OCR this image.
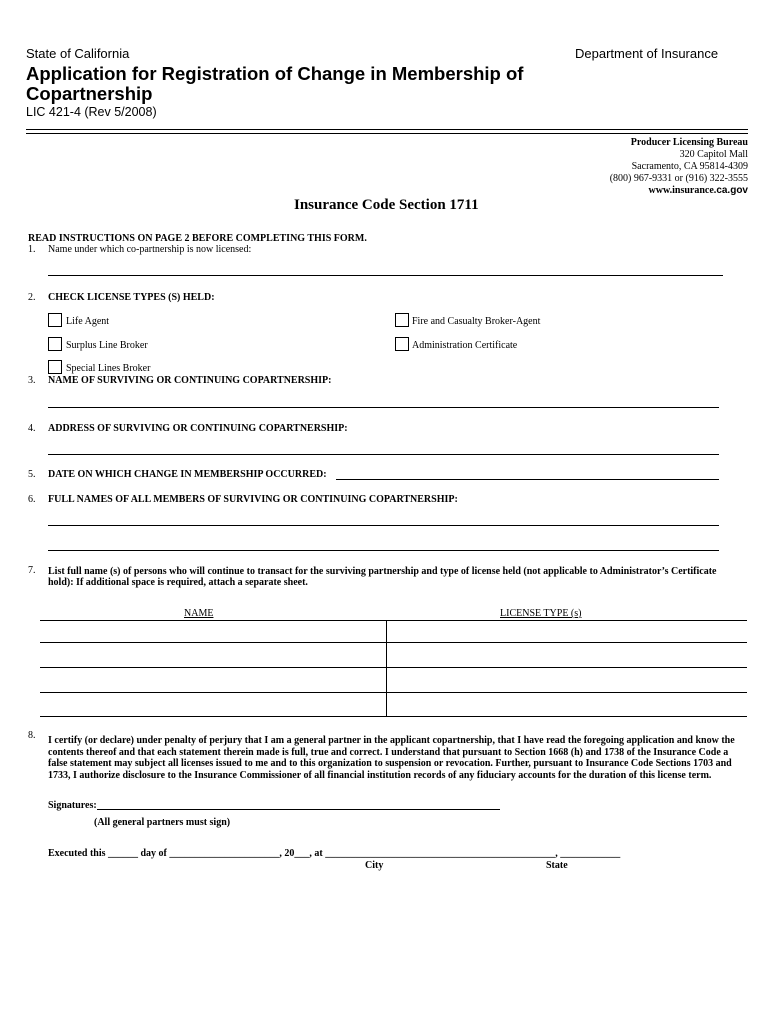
State of California	Department of Insurance
Application for Registration of Change in Membership of
Copartnership
LIC 421-4 (Rev 5/2008)
Producer Licensing Bureau
320 Capitol Mall
Sacramento, CA 95814-4309
(800) 967-9331 or (916) 322-3555
www.insurance.ca.gov
Insurance Code Section 1711
READ INSTRUCTIONS ON PAGE 2 BEFORE COMPLETING THIS FORM.
1. Name under which co-partnership is now licensed:
2. CHECK LICENSE TYPES (S) HELD:
Life Agent	Fire and Casualty Broker-Agent
Surplus Line Broker	Administration Certificate
Special Lines Broker
3. NAME OF SURVIVING OR CONTINUING COPARTNERSHIP:
4. ADDRESS OF SURVIVING OR CONTINUING COPARTNERSHIP:
5. DATE ON WHICH CHANGE IN MEMBERSHIP OCCURRED:
6. FULL NAMES OF ALL MEMBERS OF SURVIVING OR CONTINUING COPARTNERSHIP:
7. List full name (s) of persons who will continue to transact for the surviving partnership and type of license held (not applicable to Administrator’s Certificate
hold): If additional space is required, attach a separate sheet.
NAME	LICENSE TYPE (s)
8. I certify (or declare) under penalty of perjury that I am a general partner in the applicant copartnership, that I have read the foregoing application and know the
contents thereof and that each statement therein made is full, true and correct. I understand that pursuant to Section 1668 (h) and 1738 of the Insurance Code a
false statement may subject all licenses issued to me and to this organization to suspension or revocation. Further, pursuant to Insurance Code Sections 1703 and
1733, I authorize disclosure to the Insurance Commissioner of all financial institution records of any fiduciary accounts for the duration of this license term.
Signatures:
(All general partners must sign)
Executed this ______ day of ______________________, 20___, at ______________________________________________, ____________
City	State
